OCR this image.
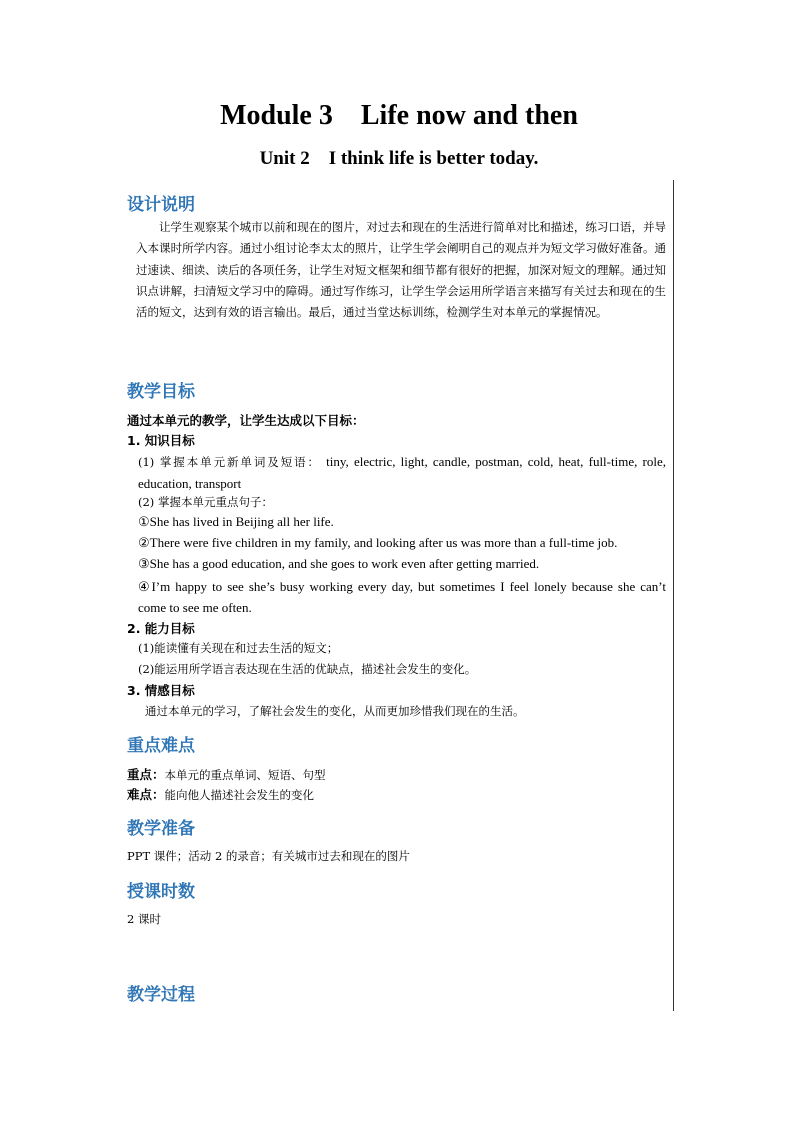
Module 3    Life now and then
Unit 2    I think life is better today.
设计说明
让学生观察某个城市以前和现在的图片，对过去和现在的生活进行简单对比和描述，练习口语，并导入本课时所学内容。通过小组讨论李太太的照片，让学生学会阐明自己的观点并为短文学习做好准备。通过速读、细读、读后的各项任务，让学生对短文框架和细节都有很好的把握，加深对短文的理解。通过知识点讲解，扫清短文学习中的障碍。通过写作练习，让学生学会运用所学语言来描写有关过去和现在的生活的短文，达到有效的语言输出。最后，通过当堂达标训练，检测学生对本单元的掌握情况。
教学目标
通过本单元的教学，让学生达成以下目标：
1. 知识目标
(1) 掌握本单元新单词及短语： tiny, electric, light, candle, postman, cold, heat, full-time, role, education, transport
(2) 掌握本单元重点句子：
①She has lived in Beijing all her life.
②There were five children in my family, and looking after us was more than a full-time job.
③She has a good education, and she goes to work even after getting married.
④I’m happy to see she’s busy working every day, but sometimes I feel lonely because she can’t come to see me often.
2. 能力目标
(1)能读懂有关现在和过去生活的短文；
(2)能运用所学语言表达现在生活的优缺点，描述社会发生的变化。
3. 情感目标
通过本单元的学习，了解社会发生的变化，从而更加珍惜我们现在的生活。
重点难点
重点：本单元的重点单词、短语、句型
难点：能向他人描述社会发生的变化
教学准备
PPT 课件；活动 2 的录音；有关城市过去和现在的图片
授课时数
2 课时
教学过程
